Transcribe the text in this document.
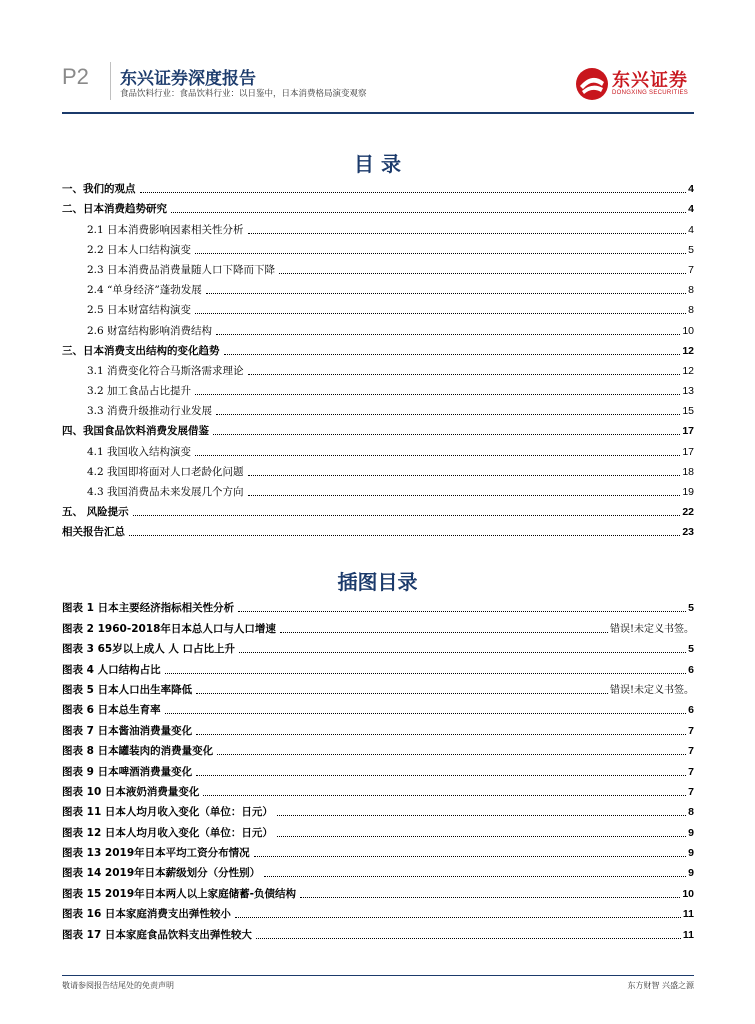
P2 东兴证券深度报告
食品饮料行业：食品饮料行业：以日鉴中，日本消费格局演变观察
东兴证券
DONGXING SECURITIES
目 录
一、我们的观点	4
二、日本消费趋势研究	4
2.1 日本消费影响因素相关性分析	4
2.2 日本人口结构演变	5
2.3 日本消费品消费量随人口下降而下降	7
2.4 “单身经济”蓬勃发展	8
2.5 日本财富结构演变	8
2.6 财富结构影响消费结构	10
三、日本消费支出结构的变化趋势	12
3.1 消费变化符合马斯洛需求理论	12
3.2 加工食品占比提升	13
3.3 消费升级推动行业发展	15
四、我国食品饮料消费发展借鉴	17
4.1 我国收入结构演变	17
4.2 我国即将面对人口老龄化问题	18
4.3 我国消费品未来发展几个方向	19
五、 风险提示	22
相关报告汇总	23
插图目录
图表 1 日本主要经济指标相关性分析	5
图表 2 1960-2018年日本总人口与人口增速	错误!未定义书签。
图表 3 65岁以上成人 人 口占比上升	5
图表 4 人口结构占比	6
图表 5 日本人口出生率降低	错误!未定义书签。
图表 6 日本总生育率	6
图表 7 日本酱油消费量变化	7
图表 8 日本罐装肉的消费量变化	7
图表 9 日本啤酒消费量变化	7
图表 10 日本液奶消费量变化	7
图表 11 日本人均月收入变化（单位：日元）	8
图表 12 日本人均月收入变化（单位：日元）	9
图表 13 2019年日本平均工资分布情况	9
图表 14 2019年日本薪级划分（分性别）	9
图表 15 2019年日本两人以上家庭储蓄-负债结构	10
图表 16 日本家庭消费支出弹性较小	11
图表 17 日本家庭食品饮料支出弹性较大	11
敬请参阅报告结尾处的免责声明	东方财智 兴盛之源
